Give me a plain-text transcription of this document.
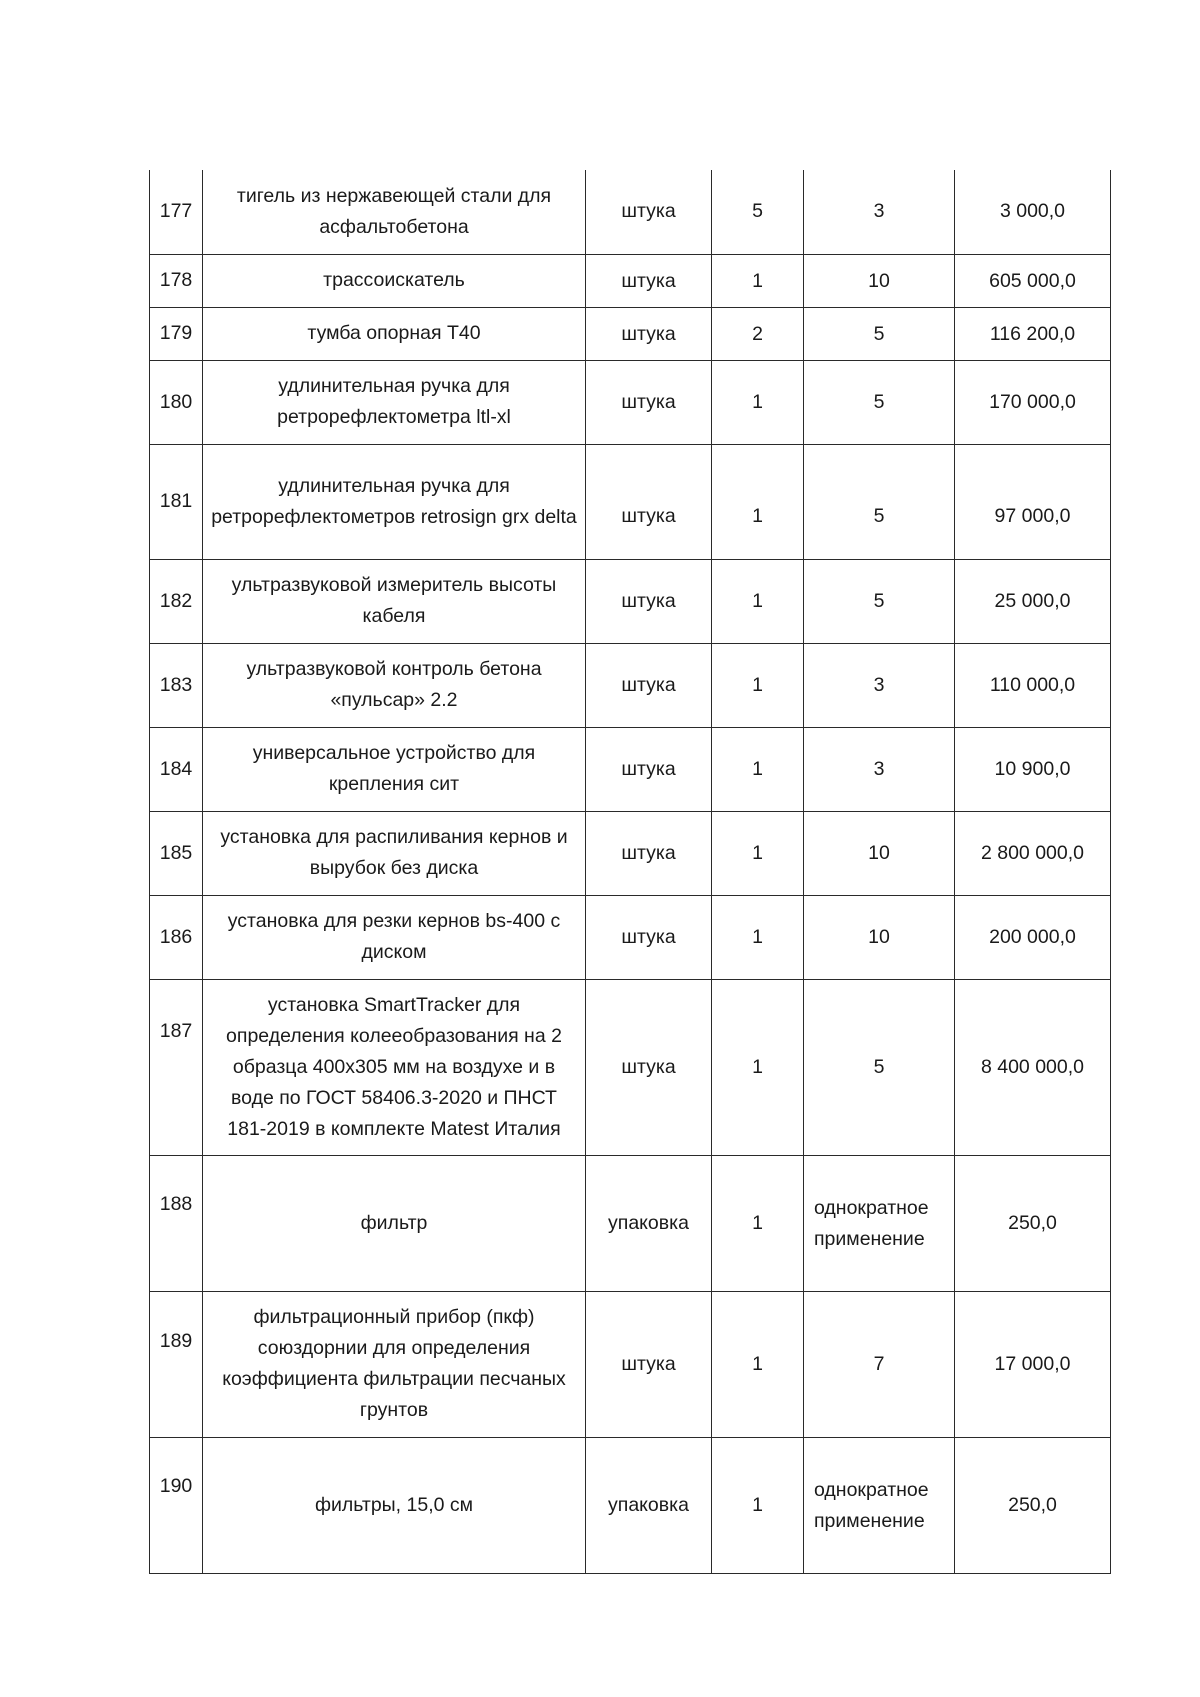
177	тигель из нержавеющей стали для асфальтобетона	штука	5	3	3 000,0
178	трассоискатель	штука	1	10	605 000,0
179	тумба опорная Т40	штука	2	5	116 200,0
180	удлинительная ручка для ретрорефлектометра ltl-xl	штука	1	5	170 000,0
181	удлинительная ручка для ретрорефлектометров retrosign grx delta	штука	1	5	97 000,0
182	ультразвуковой измеритель высоты кабеля	штука	1	5	25 000,0
183	ультразвуковой контроль бетона «пульсар» 2.2	штука	1	3	110 000,0
184	универсальное устройство для крепления сит	штука	1	3	10 900,0
185	установка для распиливания кернов и вырубок без диска	штука	1	10	2 800 000,0
186	установка для резки кернов bs-400 с диском	штука	1	10	200 000,0
187	установка SmartTracker для определения колееобразования на 2 образца 400х305 мм на воздухе и в воде по ГОСТ 58406.3-2020 и ПНСТ 181-2019 в комплекте Matest Италия	штука	1	5	8 400 000,0
188	фильтр	упаковка	1	однократное применение	250,0
189	фильтрационный прибор (пкф) союздорнии для определения коэффициента фильтрации песчаных грунтов	штука	1	7	17 000,0
190	фильтры, 15,0 см	упаковка	1	однократное применение	250,0
